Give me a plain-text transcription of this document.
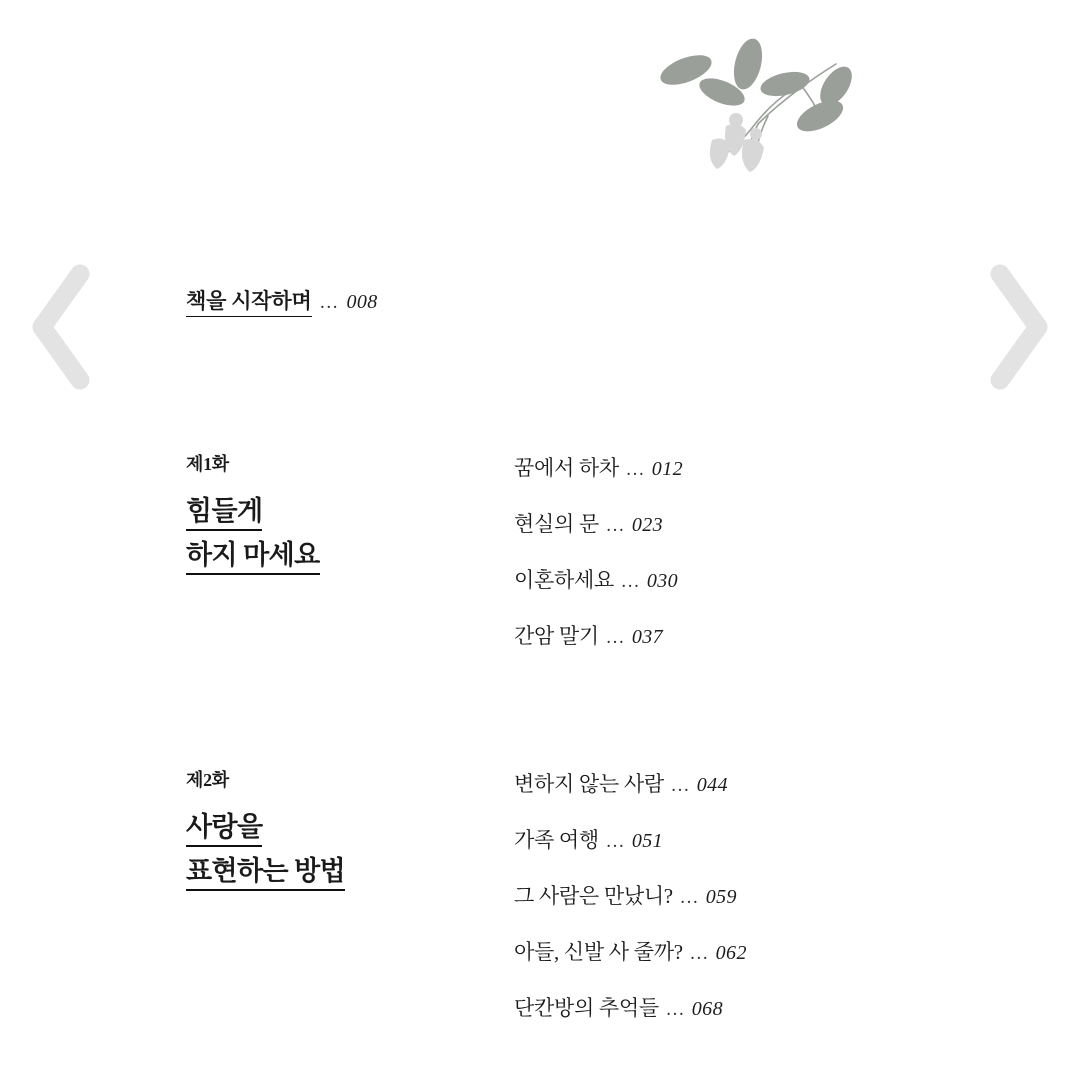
책을 시작하며 … 008
제1화
힘들게
하지 마세요
꿈에서 하차 … 012
현실의 문 … 023
이혼하세요 … 030
간암 말기 … 037
제2화
사랑을
표현하는 방법
변하지 않는 사람 … 044
가족 여행 … 051
그 사람은 만났니? … 059
아들, 신발 사 줄까? … 062
단칸방의 추억들 … 068
